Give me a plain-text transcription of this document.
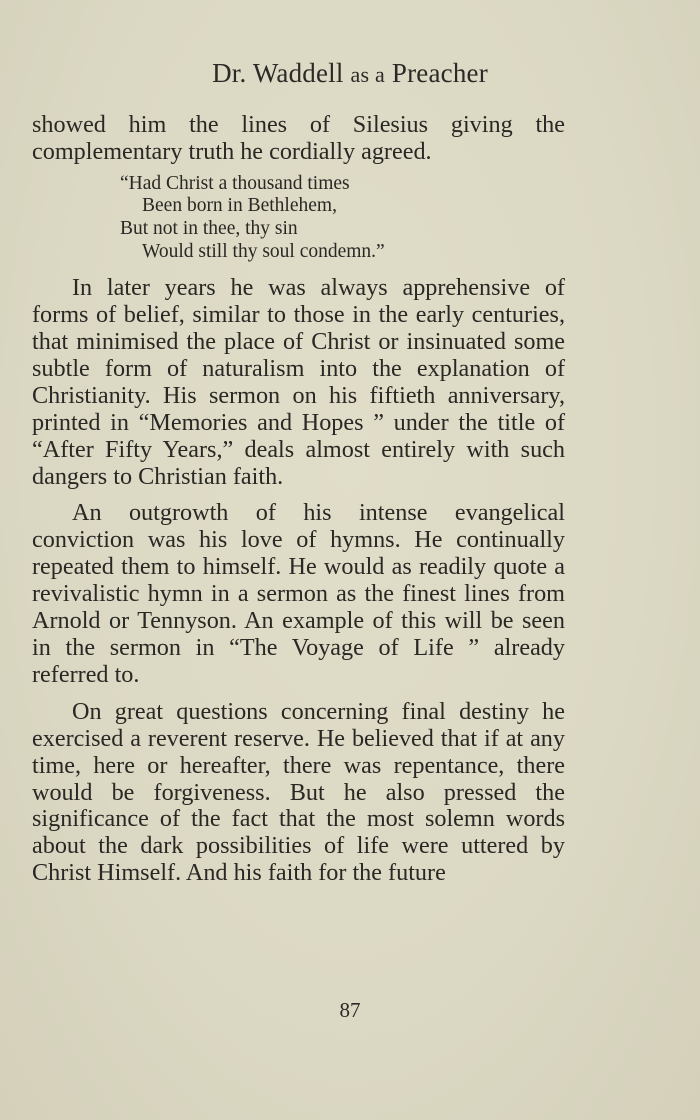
Dr. Waddell as a Preacher

showed him the lines of Silesius giving the complementary truth he cordially agreed.

“Had Christ a thousand times
Been born in Bethlehem,
But not in thee, thy sin
Would still thy soul condemn.”

In later years he was always apprehensive of forms of belief, similar to those in the early centuries, that minimised the place of Christ or insinuated some subtle form of naturalism into the explanation of Christianity. His sermon on his fiftieth anniversary, printed in “Memories and Hopes ” under the title of “After Fifty Years,” deals almost entirely with such dangers to Christian faith.

An outgrowth of his intense evangelical conviction was his love of hymns. He continually repeated them to himself. He would as readily quote a revivalistic hymn in a sermon as the finest lines from Arnold or Tennyson. An example of this will be seen in the sermon in “The Voyage of Life ” already referred to.

On great questions concerning final destiny he exercised a reverent reserve. He believed that if at any time, here or hereafter, there was repentance, there would be forgiveness. But he also pressed the significance of the fact that the most solemn words about the dark possibilities of life were uttered by Christ Himself. And his faith for the future

87
